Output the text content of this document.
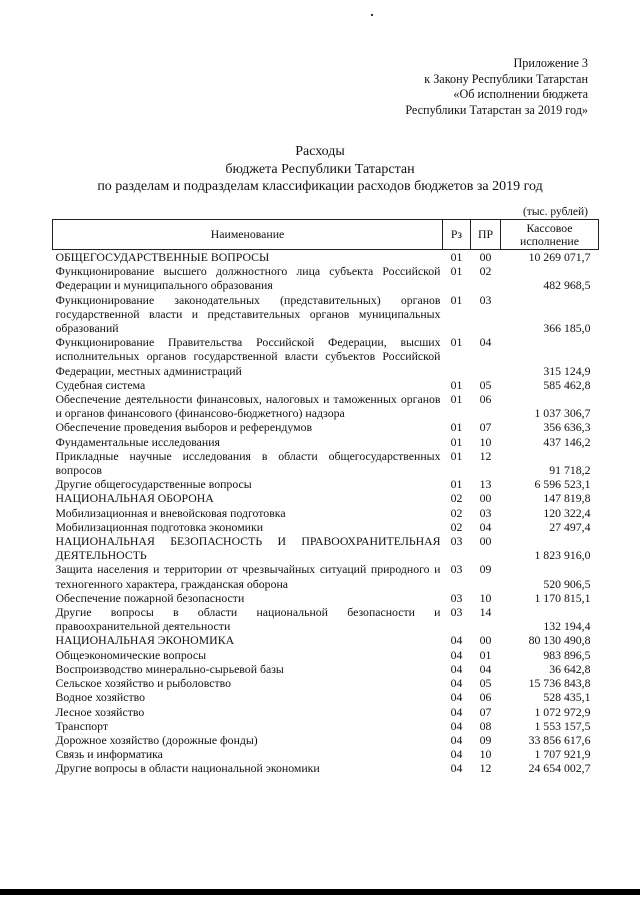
Приложение 3
к Закону Республики Татарстан
«Об исполнении бюджета
Республики Татарстан за 2019 год»
Расходы
бюджета Республики Татарстан
по разделам и подразделам классификации расходов бюджетов за 2019 год
(тыс. рублей)
Наименование	Рз	ПР	Кассовое исполнение
ОБЩЕГОСУДАРСТВЕННЫЕ ВОПРОСЫ	01	00	10 269 071,7
Функционирование высшего должностного лица субъекта Российской Федерации и муниципального образования	01	02	482 968,5
Функционирование законодательных (представительных) органов государственной власти и представительных органов муниципальных образований	01	03	366 185,0
Функционирование Правительства Российской Федерации, высших исполнительных органов государственной власти субъектов Российской Федерации, местных администраций	01	04	315 124,9
Судебная система	01	05	585 462,8
Обеспечение деятельности финансовых, налоговых и таможенных органов и органов финансового (финансово-бюджетного) надзора	01	06	1 037 306,7
Обеспечение проведения выборов и референдумов	01	07	356 636,3
Фундаментальные исследования	01	10	437 146,2
Прикладные научные исследования в области общегосударственных вопросов	01	12	91 718,2
Другие общегосударственные вопросы	01	13	6 596 523,1
НАЦИОНАЛЬНАЯ ОБОРОНА	02	00	147 819,8
Мобилизационная и вневойсковая подготовка	02	03	120 322,4
Мобилизационная подготовка экономики	02	04	27 497,4
НАЦИОНАЛЬНАЯ БЕЗОПАСНОСТЬ И ПРАВООХРАНИТЕЛЬНАЯ ДЕЯТЕЛЬНОСТЬ	03	00	1 823 916,0
Защита населения и территории от чрезвычайных ситуаций природного и техногенного характера, гражданская оборона	03	09	520 906,5
Обеспечение пожарной безопасности	03	10	1 170 815,1
Другие вопросы в области национальной безопасности и правоохранительной деятельности	03	14	132 194,4
НАЦИОНАЛЬНАЯ ЭКОНОМИКА	04	00	80 130 490,8
Общеэкономические вопросы	04	01	983 896,5
Воспроизводство минерально-сырьевой базы	04	04	36 642,8
Сельское хозяйство и рыболовство	04	05	15 736 843,8
Водное хозяйство	04	06	528 435,1
Лесное хозяйство	04	07	1 072 972,9
Транспорт	04	08	1 553 157,5
Дорожное хозяйство (дорожные фонды)	04	09	33 856 617,6
Связь и информатика	04	10	1 707 921,9
Другие вопросы в области национальной экономики	04	12	24 654 002,7
